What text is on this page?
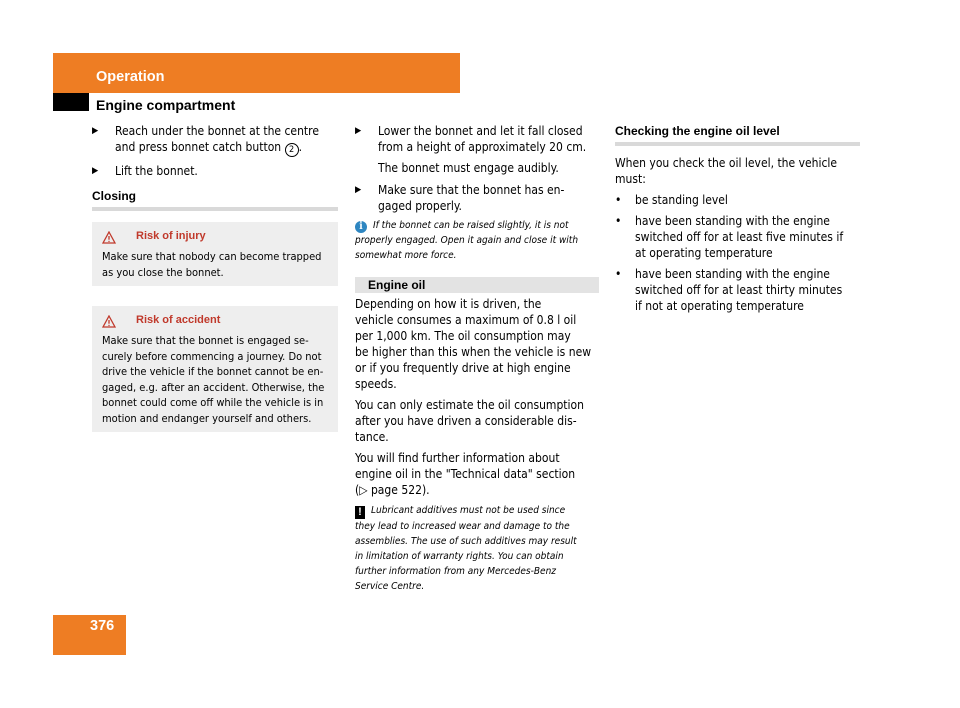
Operation
Engine compartment
▶	Reach under the bonnet at the centre

and press bonnet catch button 2 .

▶	Lift the bonnet.

Closing

Risk of injury

Make sure that nobody can become trapped

as you close the bonnet.

Risk of accident

Make sure that the bonnet is engaged se-

curely before commencing a journey. Do not

drive the vehicle if the bonnet cannot be en-

gaged, e.g. after an accident. Otherwise, the

bonnet could come off while the vehicle is in

motion and endanger yourself and others.

▶	Lower the bonnet and let it fall closed

from a height of approximately 20 cm.

The bonnet must engage audibly.

▶	Make sure that the bonnet has en-

gaged properly.

i If the bonnet can be raised slightly, it is not

properly engaged. Open it again and close it with

somewhat more force.

Engine oil

Depending on how it is driven, the

vehicle consumes a maximum of 0.8 l oil

per 1,000 km. The oil consumption may

be higher than this when the vehicle is new

or if you frequently drive at high engine

speeds.

You can only estimate the oil consumption

after you have driven a considerable dis-

tance.

You will find further information about

engine oil in the "Technical data" section

(▷ page 522).

! Lubricant additives must not be used since

they lead to increased wear and damage to the

assemblies. The use of such additives may result

in limitation of warranty rights. You can obtain

further information from any Mercedes-Benz

Service Centre.

Checking the engine oil level

When you check the oil level, the vehicle

must:

•	be standing level

•	have been standing with the engine

switched off for at least five minutes if

at operating temperature

•	have been standing with the engine

switched off for at least thirty minutes

if not at operating temperature

376
